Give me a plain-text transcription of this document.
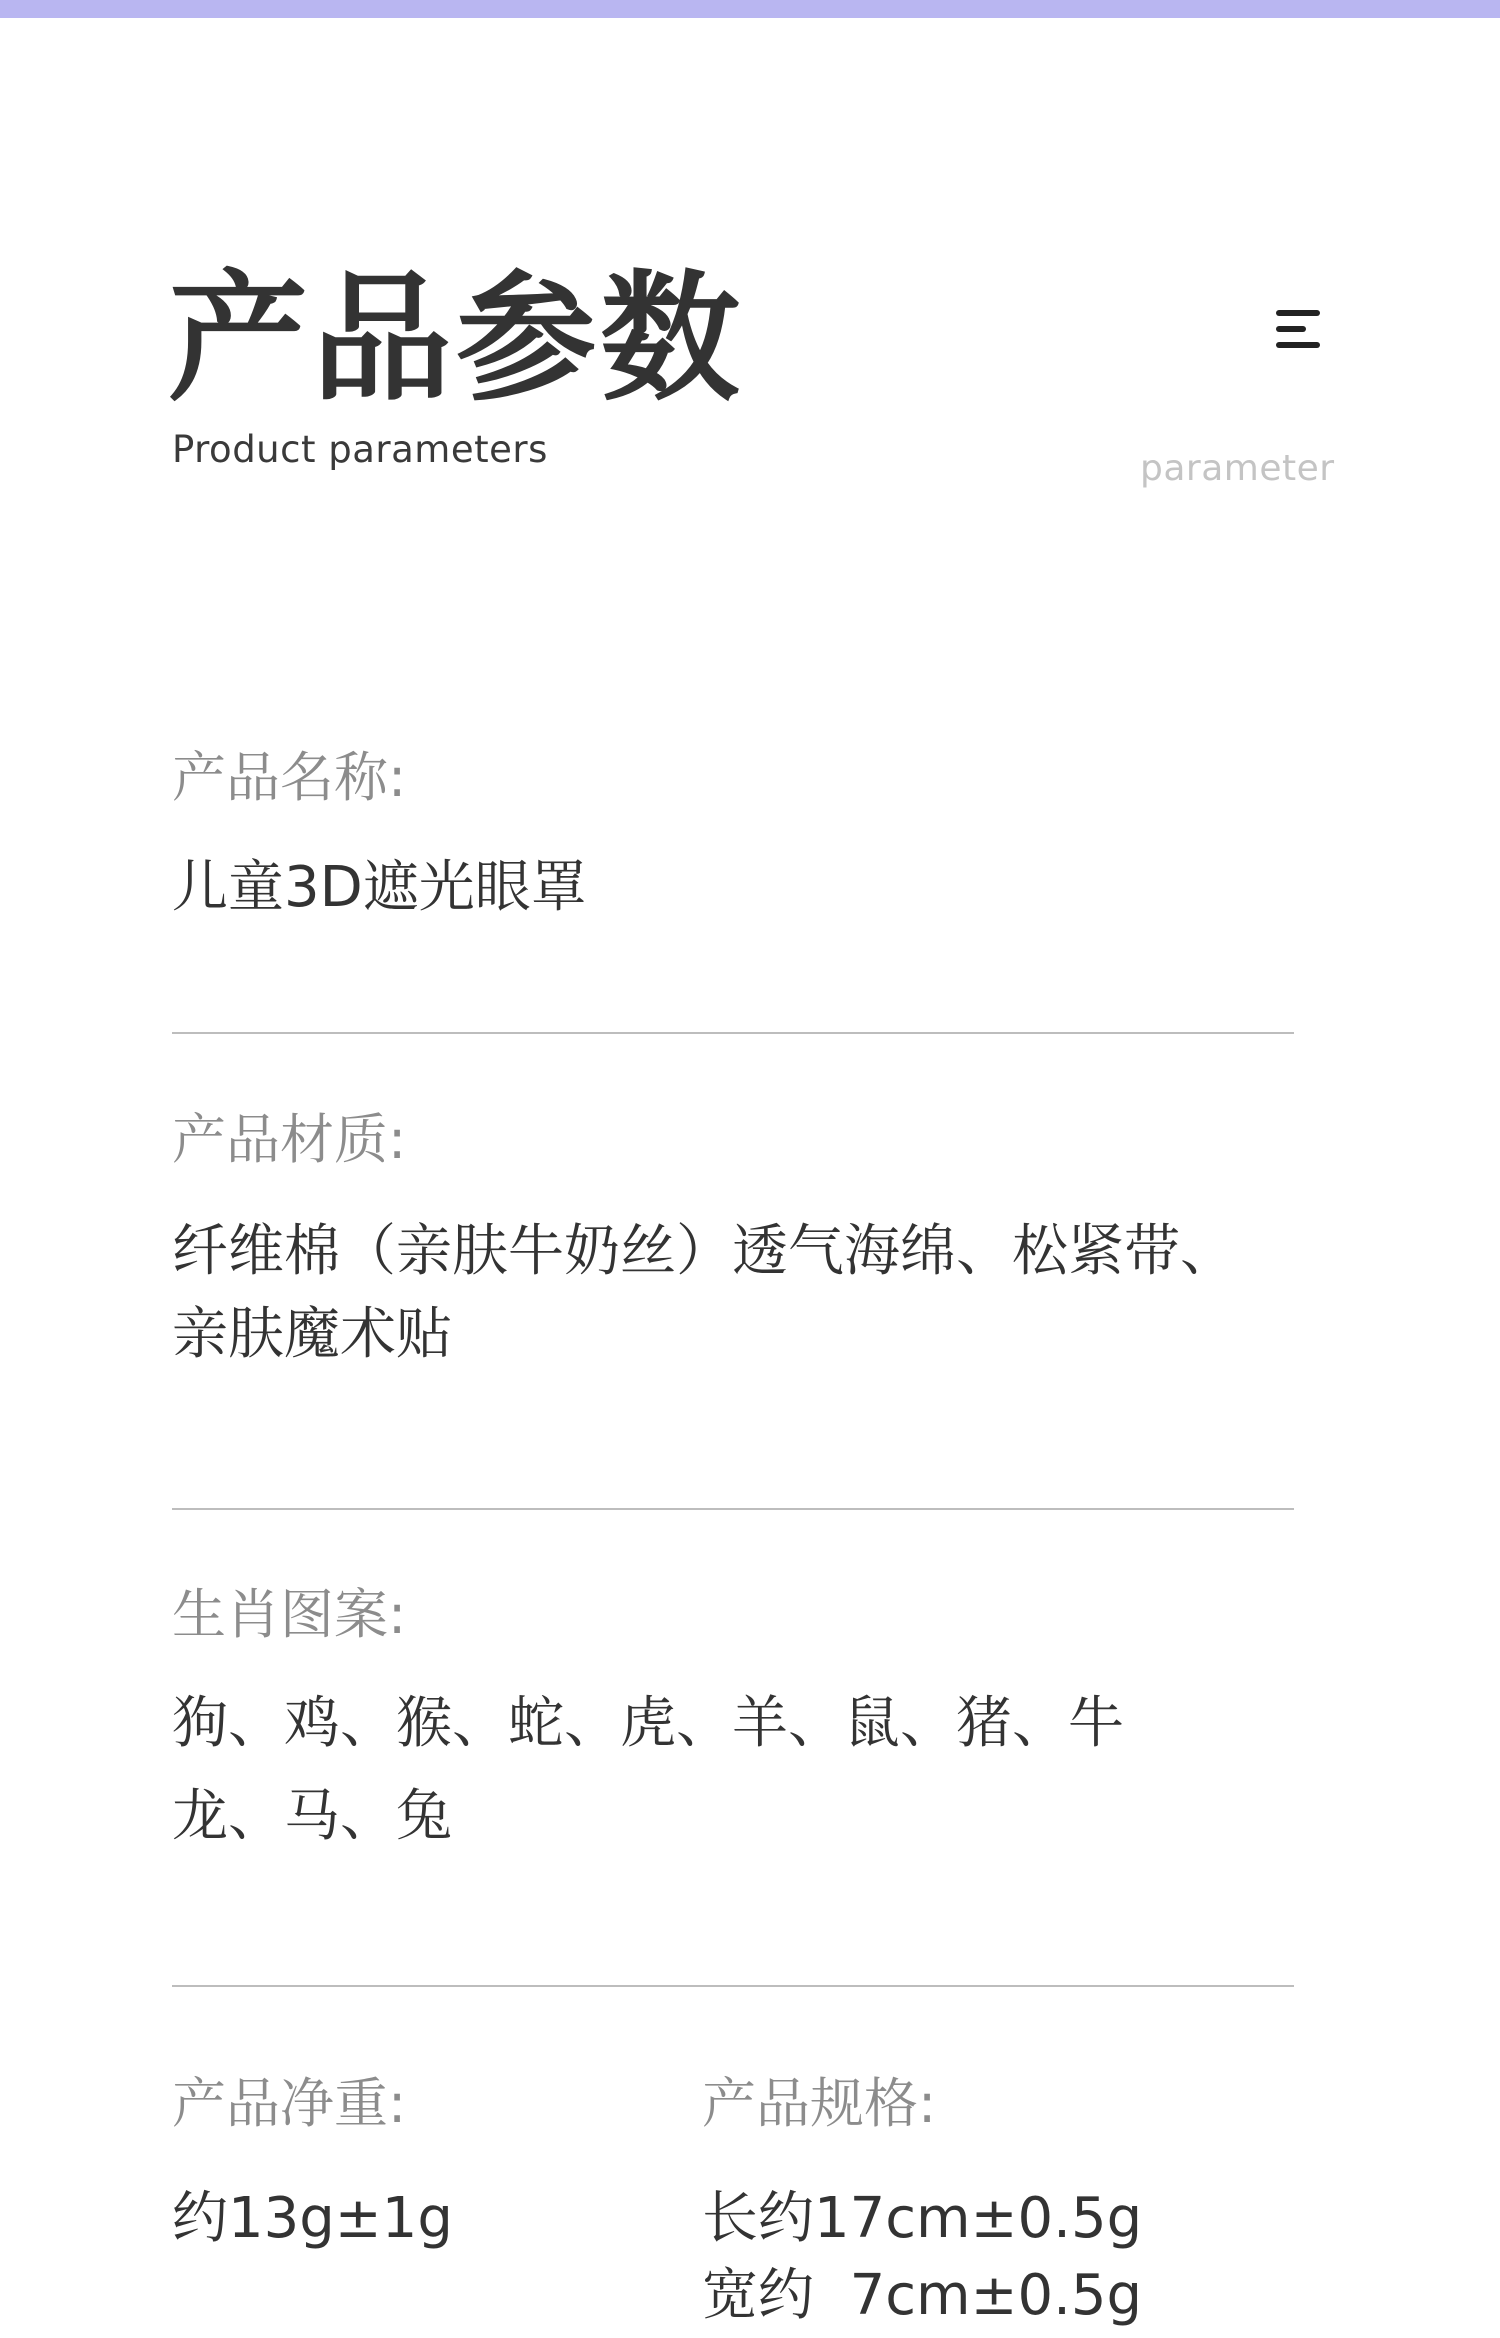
产品参数
Product parameters	parameter
产品名称:
儿童3D遮光眼罩
产品材质:
纤维棉（亲肤牛奶丝）透气海绵、松紧带、
亲肤魔术贴
生肖图案:
狗、鸡、猴、蛇、虎、羊、鼠、猪、牛
龙、马、兔
产品净重:
约13g±1g
产品规格:
长约17cm±0.5g
宽约  7cm±0.5g
